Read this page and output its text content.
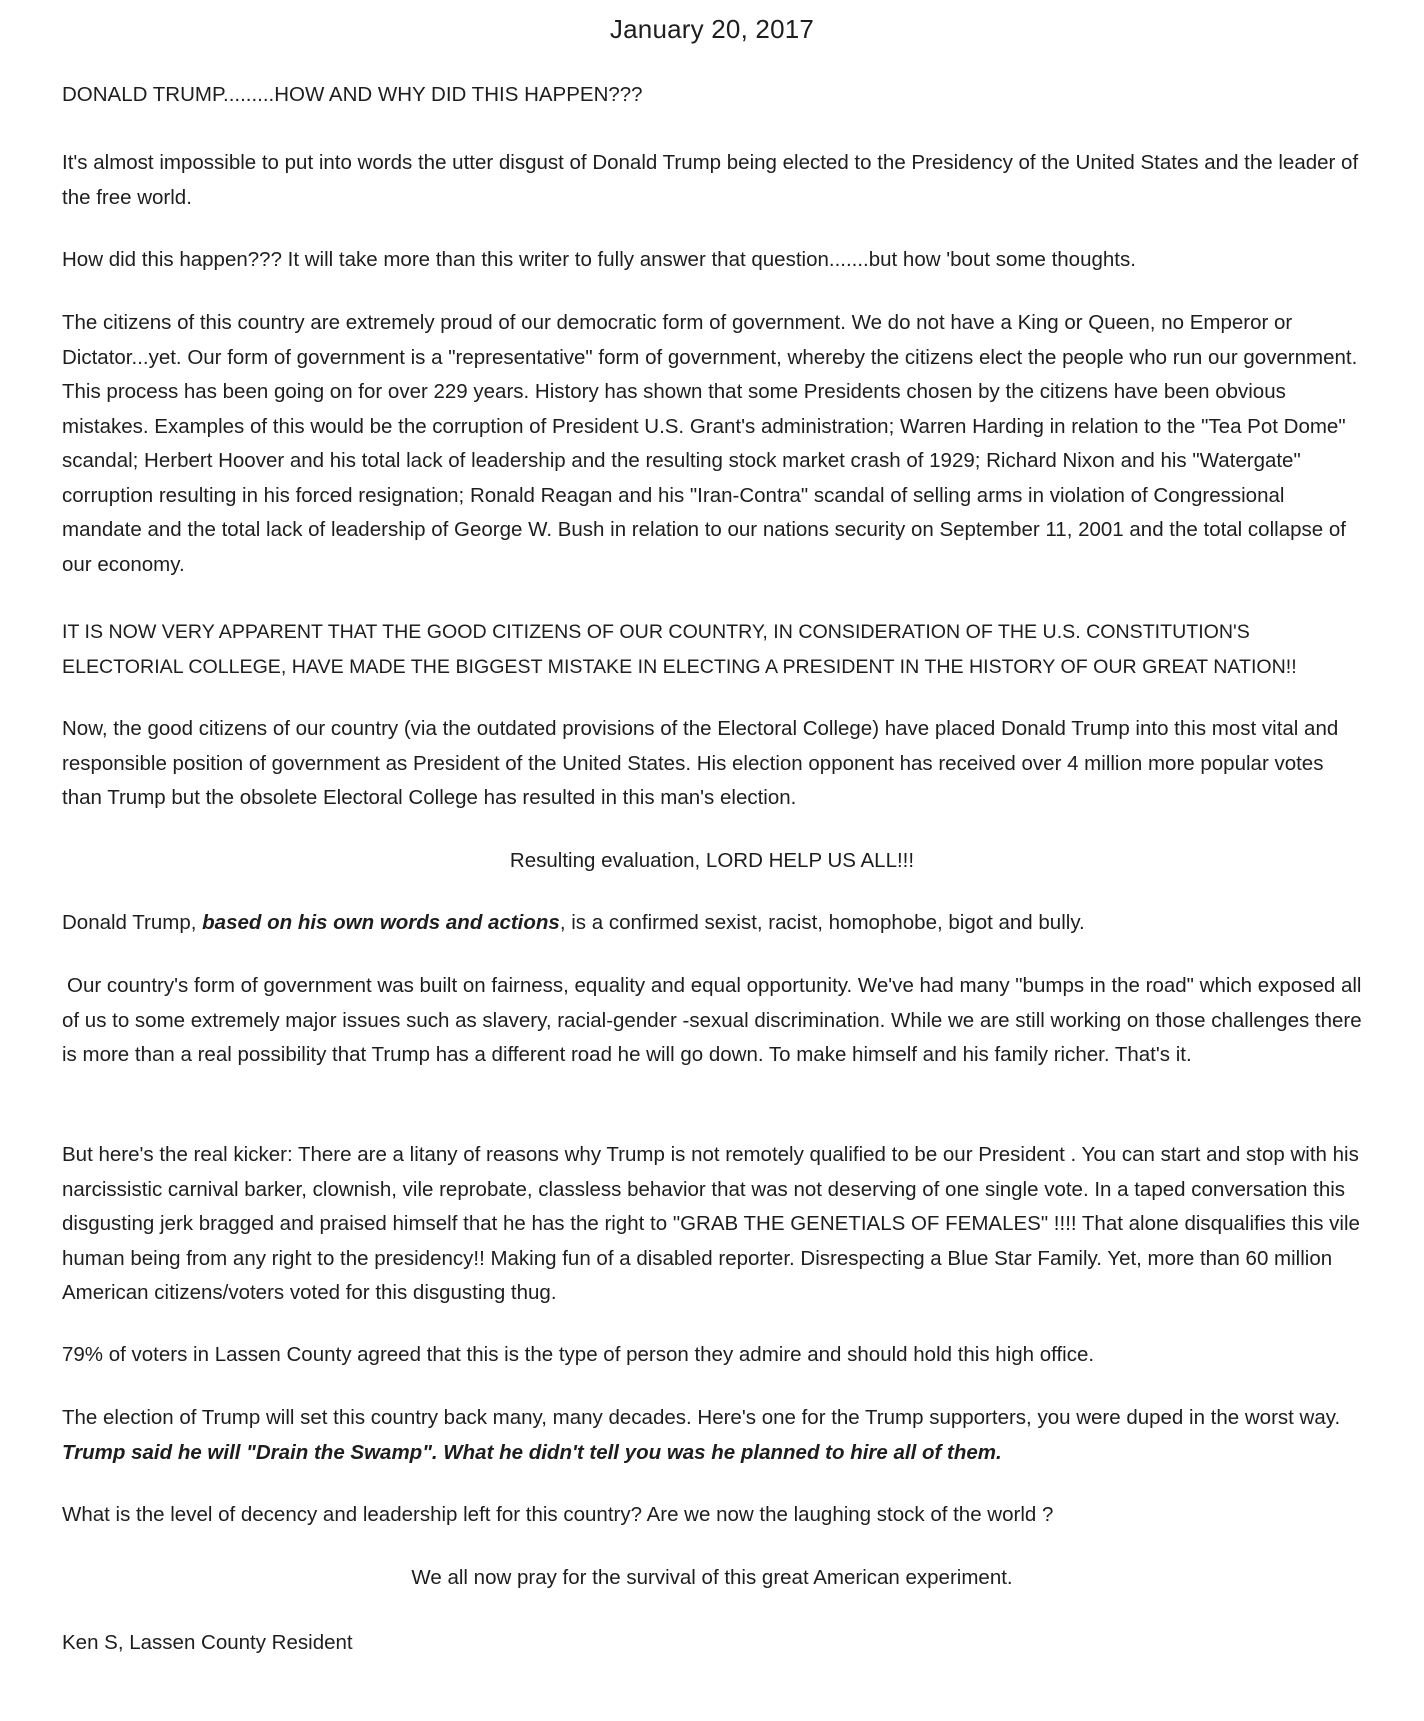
January 20, 2017

DONALD TRUMP.........HOW AND WHY DID THIS HAPPEN???

It's almost impossible to put into words the utter disgust of Donald Trump being elected to the Presidency of the United States and the leader of the free world.

How did this happen??? It will take more than this writer to fully answer that question.......but how 'bout some thoughts.

The citizens of this country are extremely proud of our democratic form of government. We do not have a King or Queen, no Emperor or Dictator...yet. Our form of government is a "representative" form of government, whereby the citizens elect the people who run our government. This process has been going on for over 229 years. History has shown that some Presidents chosen by the citizens have been obvious mistakes. Examples of this would be the corruption of President U.S. Grant's administration; Warren Harding in relation to the "Tea Pot Dome" scandal; Herbert Hoover and his total lack of leadership and the resulting stock market crash of 1929; Richard Nixon and his "Watergate" corruption resulting in his forced resignation; Ronald Reagan and his "Iran-Contra" scandal of selling arms in violation of Congressional mandate and the total lack of leadership of George W. Bush in relation to our nations security on September 11, 2001 and the total collapse of our economy.

IT IS NOW VERY APPARENT THAT THE GOOD CITIZENS OF OUR COUNTRY, IN CONSIDERATION OF THE U.S. CONSTITUTION'S ELECTORIAL COLLEGE, HAVE MADE THE BIGGEST MISTAKE IN ELECTING A PRESIDENT IN THE HISTORY OF OUR GREAT NATION!!

Now, the good citizens of our country (via the outdated provisions of the Electoral College) have placed Donald Trump into this most vital and responsible position of government as President of the United States. His election opponent has received over 4 million more popular votes than Trump but the obsolete Electoral College has resulted in this man's election.

Resulting evaluation, LORD HELP US ALL!!!

Donald Trump, based on his own words and actions, is a confirmed sexist, racist, homophobe, bigot and bully.

Our country's form of government was built on fairness, equality and equal opportunity. We've had many "bumps in the road" which exposed all of us to some extremely major issues such as slavery, racial-gender -sexual discrimination. While we are still working on those challenges there is more than a real possibility that Trump has a different road he will go down. To make himself and his family richer. That's it.

But here's the real kicker: There are a litany of reasons why Trump is not remotely qualified to be our President . You can start and stop with his narcissistic carnival barker, clownish, vile reprobate, classless behavior that was not deserving of one single vote. In a taped conversation this disgusting jerk bragged and praised himself that he has the right to "GRAB THE GENETIALS OF FEMALES" !!!! That alone disqualifies this vile human being from any right to the presidency!! Making fun of a disabled reporter. Disrespecting a Blue Star Family. Yet, more than 60 million American citizens/voters voted for this disgusting thug.

79% of voters in Lassen County agreed that this is the type of person they admire and should hold this high office.

The election of Trump will set this country back many, many decades. Here's one for the Trump supporters, you were duped in the worst way. Trump said he will "Drain the Swamp". What he didn't tell you was he planned to hire all of them.

What is the level of decency and leadership left for this country? Are we now the laughing stock of the world ?

We all now pray for the survival of this great American experiment.

Ken S, Lassen County Resident
